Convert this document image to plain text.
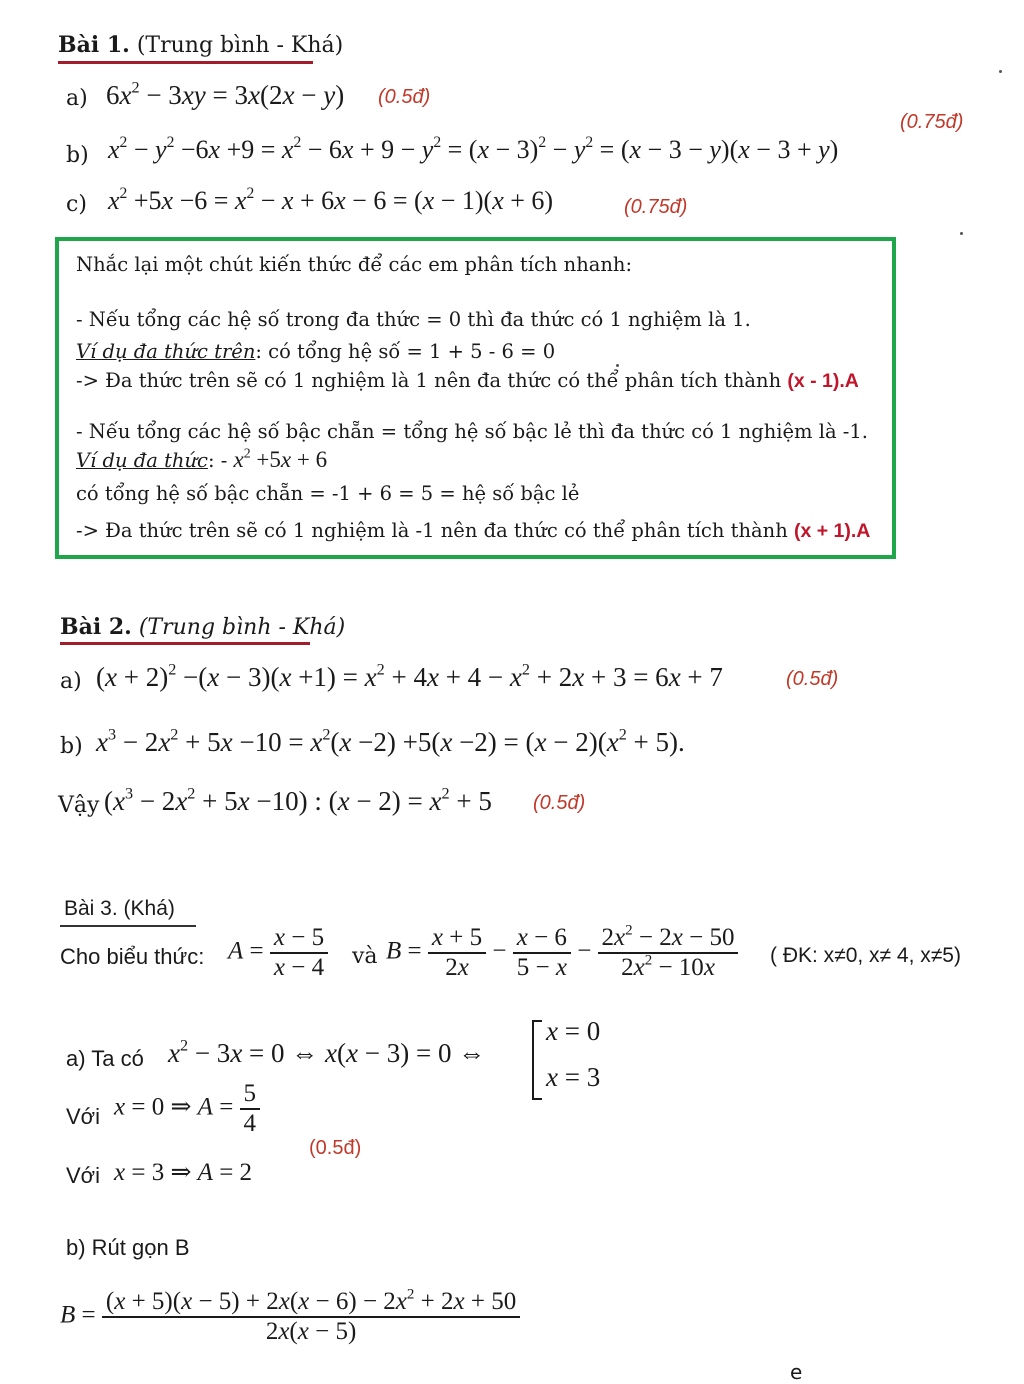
Bài 1. (Trung bình - Khá)
a) $6x^2 - 3xy = 3x(2x - y)$ (0.5đ)
(0.75đ)
b) $x^2 - y^2 -6x +9 = x^2 - 6x + 9 - y^2 = (x - 3)^2 - y^2 = (x - 3 - y)(x - 3 + y)$
c) $x^2 +5x -6 = x^2 - x + 6x - 6 = (x - 1)(x + 6)$	(0.75đ)
Nhắc lại một chút kiến thức để các em phân tích nhanh:
- Nếu tổng các hệ số trong đa thức = 0 thì đa thức có 1 nghiệm là 1.
Ví dụ đa thức trên: có tổng hệ số = 1 + 5 - 6 = 0
-> Đa thức trên sẽ có 1 nghiệm là 1 nên đa thức có thể phân tích thành (x - 1).A
- Nếu tổng các hệ số bậc chẵn = tổng hệ số bậc lẻ thì đa thức có 1 nghiệm là -1.
Ví dụ đa thức: - $x^2 +5x + 6$
có tổng hệ số bậc chẵn = -1 + 6 = 5 = hệ số bậc lẻ
-> Đa thức trên sẽ có 1 nghiệm là -1 nên đa thức có thể phân tích thành (x + 1).A
Bài 2. (Trung bình - Khá)
a) $(x + 2)^2 -(x - 3)(x +1) = x^2 + 4x + 4 - x^2 + 2x + 3 = 6x + 7$	(0.5đ)
b) $x^3 - 2x^2 + 5x -10 = x^2(x -2) +5(x -2) = (x - 2)(x^2 + 5)$.
Vậy $(x^3 - 2x^2 + 5x -10)$ : $(x - 2) = x^2 + 5$ (0.5đ)
Bài 3. (Khá)
Cho biểu thức: $A = \frac{x - 5}{x - 4}$ và $B = \frac{x + 5}{2x} - \frac{x - 6}{5 - x} - \frac{2x^2 - 2x - 50}{2x^2 - 10x}$ ( ĐK: x≠0, x≠ 4, x≠5)
a) Ta có $x^2 - 3x = 0$ ⇔ x(x − 3) = 0 ⇔
x = 0
x = 3
Với x = 0 ⇒ $A = \frac{5}{4}$
(0.5đ)
Với x = 3 ⇒ A = 2
b) Rút gọn B
$B = \frac{(x + 5)(x - 5) + 2x(x - 6) - 2x^2 + 2x + 50}{2x(x - 5)}$
e
